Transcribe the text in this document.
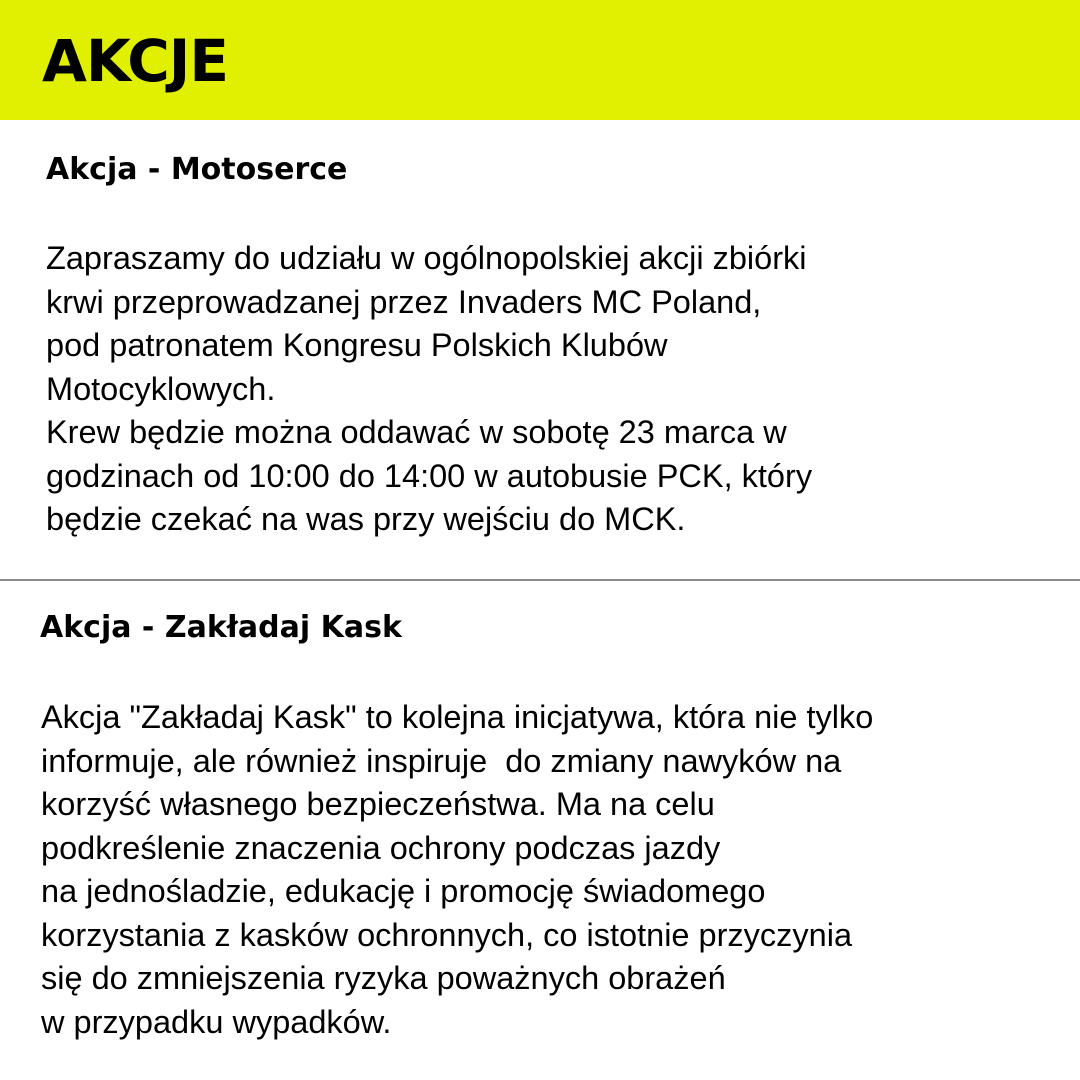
AKCJE
Akcja - Motoserce

Zapraszamy do udziału w ogólnopolskiej akcji zbiórki
krwi przeprowadzanej przez Invaders MC Poland,
pod patronatem Kongresu Polskich Klubów
Motocyklowych.
Krew będzie można oddawać w sobotę 23 marca w
godzinach od 10:00 do 14:00 w autobusie PCK, który
będzie czekać na was przy wejściu do MCK.

Akcja - Zakładaj Kask

Akcja "Zakładaj Kask" to kolejna inicjatywa, która nie tylko
informuje, ale również inspiruje  do zmiany nawyków na
korzyść własnego bezpieczeństwa. Ma na celu
podkreślenie znaczenia ochrony podczas jazdy
na jednośladzie, edukację i promocję świadomego
korzystania z kasków ochronnych, co istotnie przyczynia
się do zmniejszenia ryzyka poważnych obrażeń
w przypadku wypadków.
